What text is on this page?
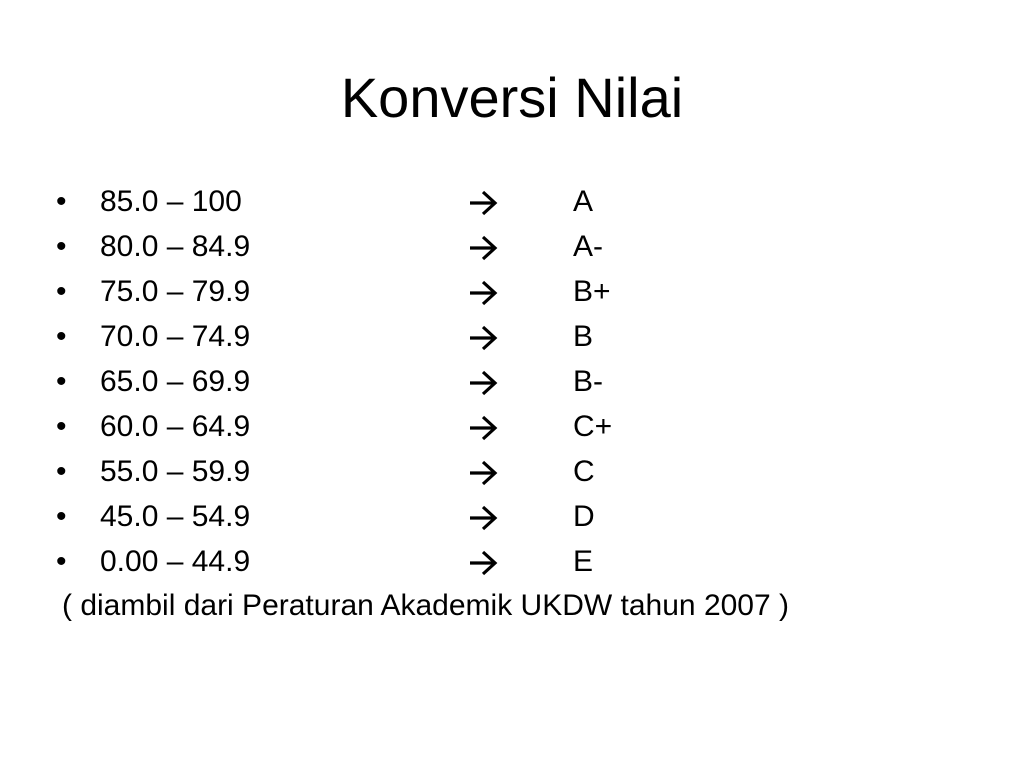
Konversi Nilai
• 85.0 – 100	A
• 80.0 – 84.9	A-
• 75.0 – 79.9	B+
• 70.0 – 74.9	B
• 65.0 – 69.9	B-
• 60.0 – 64.9	C+
• 55.0 – 59.9	C
• 45.0 – 54.9	D
• 0.00 – 44.9	E

( diambil dari Peraturan Akademik UKDW tahun 2007 )
